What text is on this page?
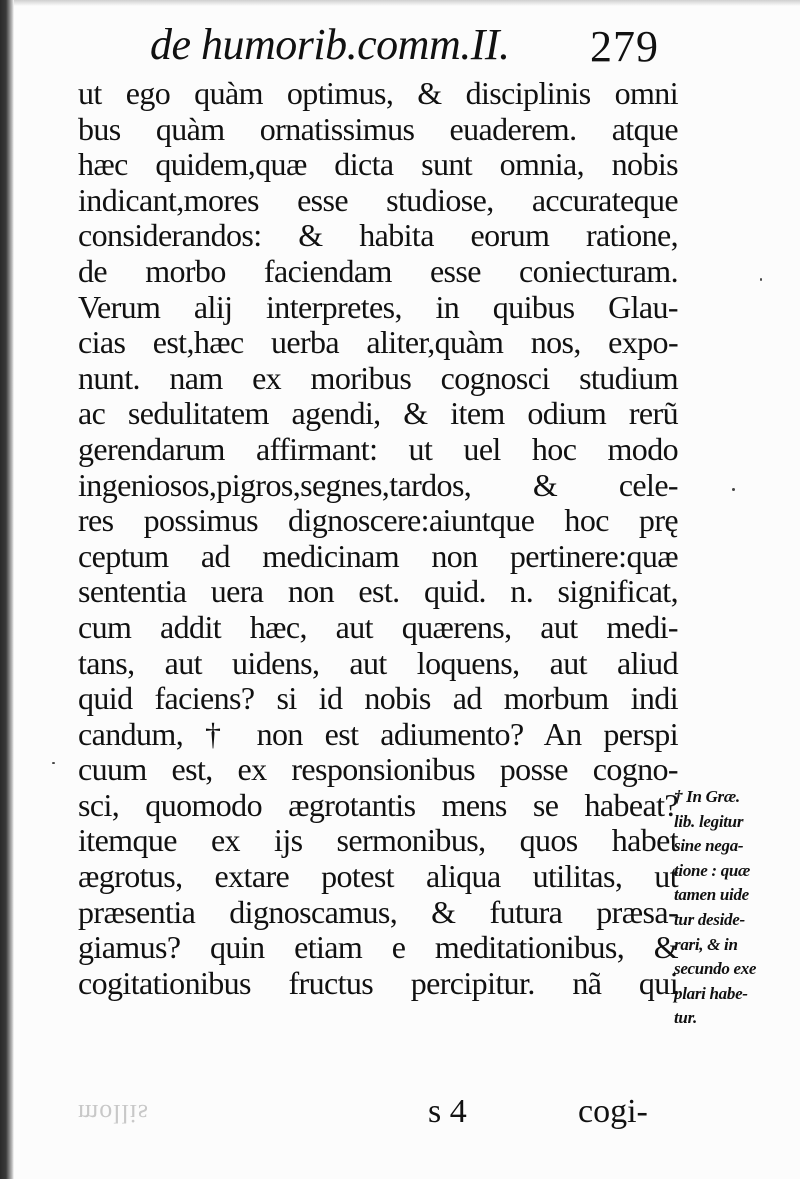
de humorib.comm.II. 279
ut ego quàm optimus, & disciplinis omni
bus quàm ornatissimus euaderem. atque
hæc quidem,quæ dicta sunt omnia, nobis
indicant,mores esse studiose, accurateque
considerandos: & habita eorum ratione,
de morbo faciendam esse coniecturam.
Verum alij interpretes, in quibus Glau-
cias est,hæc uerba aliter,quàm nos, expo-
nunt. nam ex moribus cognosci studium
ac sedulitatem agendi, & item odium rerũ
gerendarum affirmant: ut uel hoc modo
ingeniosos,pigros,segnes,tardos, & cele-
res possimus dignoscere:aiuntque hoc prę
ceptum ad medicinam non pertinere:quæ
sententia uera non est. quid. n. significat,
cum addit hæc, aut quærens, aut medi-
tans, aut uidens, aut loquens, aut aliud
quid faciens? si id nobis ad morbum indi
candum, † non est adiumento? An perspi
cuum est, ex responsionibus posse cogno-
sci, quomodo ægrotantis mens se habeat?
itemque ex ijs sermonibus, quos habet
ægrotus, extare potest aliqua utilitas, ut
præsentia dignoscamus, & futura præsa-
giamus? quin etiam e meditationibus, &
cogitationibus fructus percipitur. nã qui
† In Græ.
lib. legitur
sine nega-
tione : quæ
tamen uide
tur deside-
rari, & in
secundo exe
plari habe-
tur.
mollis	s 4	cogi-
